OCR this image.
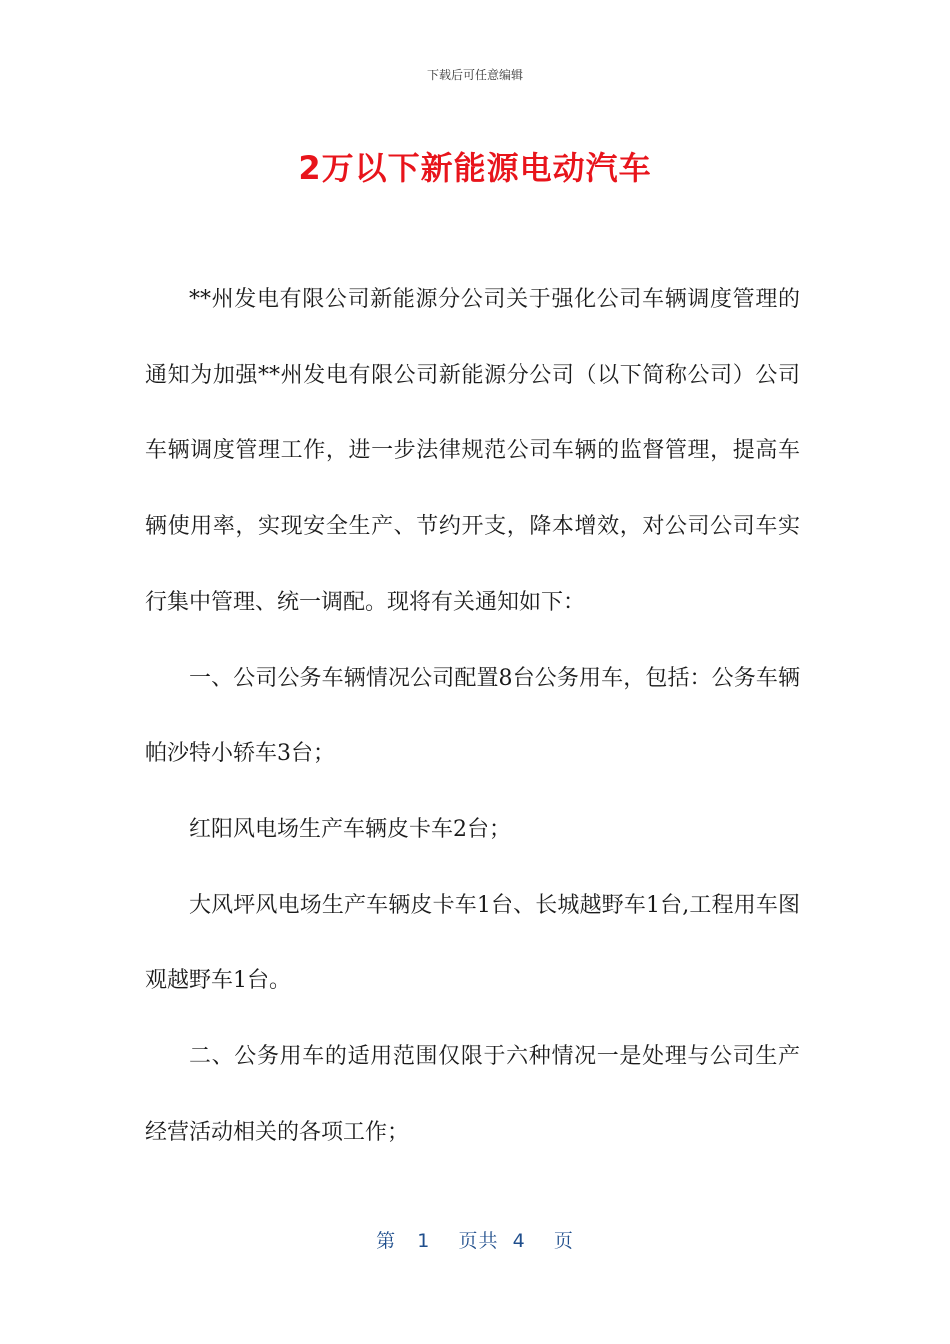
下载后可任意编辑
2万以下新能源电动汽车

**州发电有限公司新能源分公司关于强化公司车辆调度管理的通知为加强**州发电有限公司新能源分公司（以下简称公司）公司车辆调度管理工作，进一步法律规范公司车辆的监督管理，提高车辆使用率，实现安全生产、节约开支，降本增效，对公司公司车实行集中管理、统一调配。现将有关通知如下：

一、公司公务车辆情况公司配置8台公务用车，包括：公务车辆帕沙特小轿车3台；

红阳风电场生产车辆皮卡车2台；

大风坪风电场生产车辆皮卡车1台、长城越野车1台,工程用车图观越野车1台。

二、公务用车的适用范围仅限于六种情况一是处理与公司生产经营活动相关的各项工作；

第 1 页共 4 页
